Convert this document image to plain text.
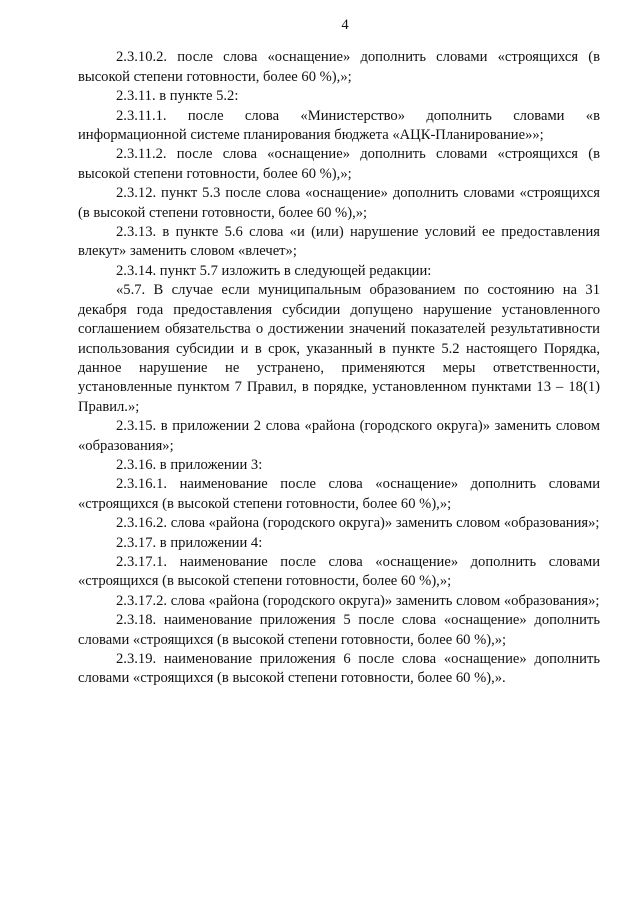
4

2.3.10.2. после слова «оснащение» дополнить словами «строящихся (в высокой степени готовности, более 60 %),»;

2.3.11. в пункте 5.2:

2.3.11.1. после слова «Министерство» дополнить словами «в информационной системе планирования бюджета «АЦК-Планирование»»;

2.3.11.2. после слова «оснащение» дополнить словами «строящихся (в высокой степени готовности, более 60 %),»;

2.3.12. пункт 5.3 после слова «оснащение» дополнить словами «строящихся (в высокой степени готовности, более 60 %),»;

2.3.13. в пункте 5.6 слова «и (или) нарушение условий ее предоставления влекут» заменить словом «влечет»;

2.3.14. пункт 5.7 изложить в следующей редакции:

«5.7. В случае если муниципальным образованием по состоянию на 31 декабря года предоставления субсидии допущено нарушение установленного соглашением обязательства о достижении значений показателей результативности использования субсидии и в срок, указанный в пункте 5.2 настоящего Порядка, данное нарушение не устранено, применяются меры ответственности, установленные пунктом 7 Правил, в порядке, установленном пунктами 13 – 18(1) Правил.»;

2.3.15. в приложении 2 слова «района (городского округа)» заменить словом «образования»;

2.3.16. в приложении 3:

2.3.16.1. наименование после слова «оснащение» дополнить словами «строящихся (в высокой степени готовности, более 60 %),»;

2.3.16.2. слова «района (городского округа)» заменить словом «образования»;

2.3.17. в приложении 4:

2.3.17.1. наименование после слова «оснащение» дополнить словами «строящихся (в высокой степени готовности, более 60 %),»;

2.3.17.2. слова «района (городского округа)» заменить словом «образования»;

2.3.18. наименование приложения 5 после слова «оснащение» дополнить словами «строящихся (в высокой степени готовности, более 60 %),»;

2.3.19. наименование приложения 6 после слова «оснащение» дополнить словами «строящихся (в высокой степени готовности, более 60 %),».
